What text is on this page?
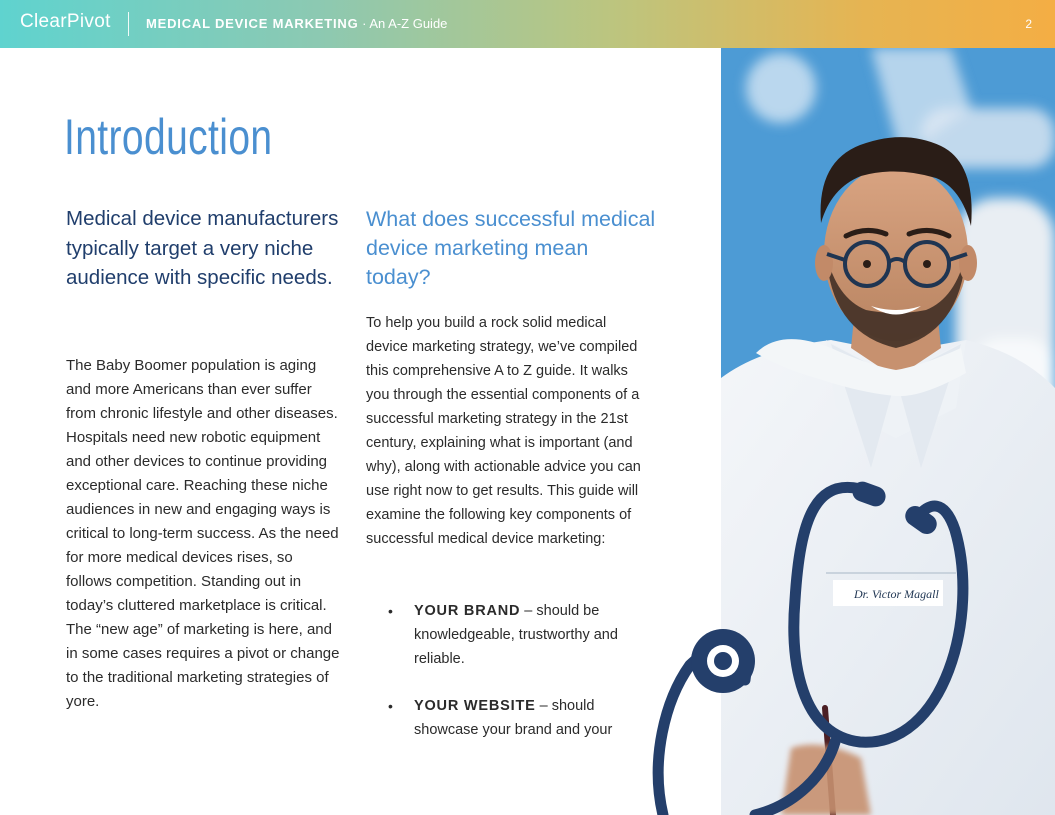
ClearPivot	MEDICAL DEVICE MARKETING · An A-Z Guide	2
Introduction

Medical device manufacturers typically target a very niche audience with specific needs.

The Baby Boomer population is aging and more Americans than ever suffer from chronic lifestyle and other diseases. Hospitals need new robotic equipment and other devices to continue providing exceptional care. Reaching these niche audiences in new and engaging ways is critical to long-term success. As the need for more medical devices rises, so follows competition. Standing out in today’s cluttered marketplace is critical. The “new age” of marketing is here, and in some cases requires a pivot or change to the traditional marketing strategies of yore.

What does successful medical device marketing mean today?

To help you build a rock solid medical device marketing strategy, we’ve compiled this comprehensive A to Z guide. It walks you through the essential components of a successful marketing strategy in the 21st century, explaining what is important (and why), along with actionable advice you can use right now to get results. This guide will examine the following key components of successful medical device marketing:

• YOUR BRAND – should be knowledgeable, trustworthy and reliable.
• YOUR WEBSITE – should showcase your brand and your
Dr. Victor Magall
